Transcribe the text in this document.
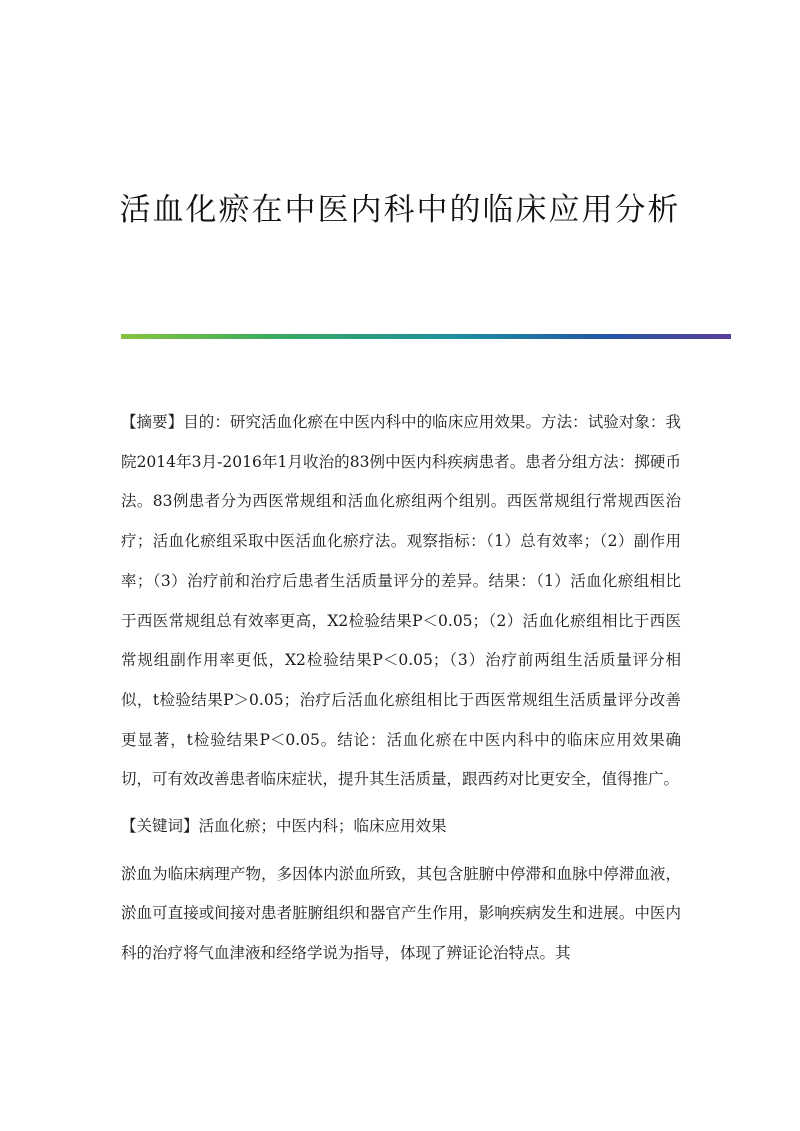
活血化瘀在中医内科中的临床应用分析

【摘要】目的：研究活血化瘀在中医内科中的临床应用效果。方法：试验对象：我院2014年3月-2016年1月收治的83例中医内科疾病患者。患者分组方法：掷硬币法。83例患者分为西医常规组和活血化瘀组两个组别。西医常规组行常规西医治疗；活血化瘀组采取中医活血化瘀疗法。观察指标：（1）总有效率；（2）副作用率；（3）治疗前和治疗后患者生活质量评分的差异。结果：（1）活血化瘀组相比于西医常规组总有效率更高，X2检验结果P＜0.05；（2）活血化瘀组相比于西医常规组副作用率更低，X2检验结果P＜0.05；（3）治疗前两组生活质量评分相似，t检验结果P＞0.05；治疗后活血化瘀组相比于西医常规组生活质量评分改善更显著，t检验结果P＜0.05。结论：活血化瘀在中医内科中的临床应用效果确切，可有效改善患者临床症状，提升其生活质量，跟西药对比更安全，值得推广。

【关键词】活血化瘀；中医内科；临床应用效果

淤血为临床病理产物，多因体内淤血所致，其包含脏腑中停滞和血脉中停滞血液，淤血可直接或间接对患者脏腑组织和器官产生作用，影响疾病发生和进展。中医内科的治疗将气血津液和经络学说为指导，体现了辨证论治特点。其
